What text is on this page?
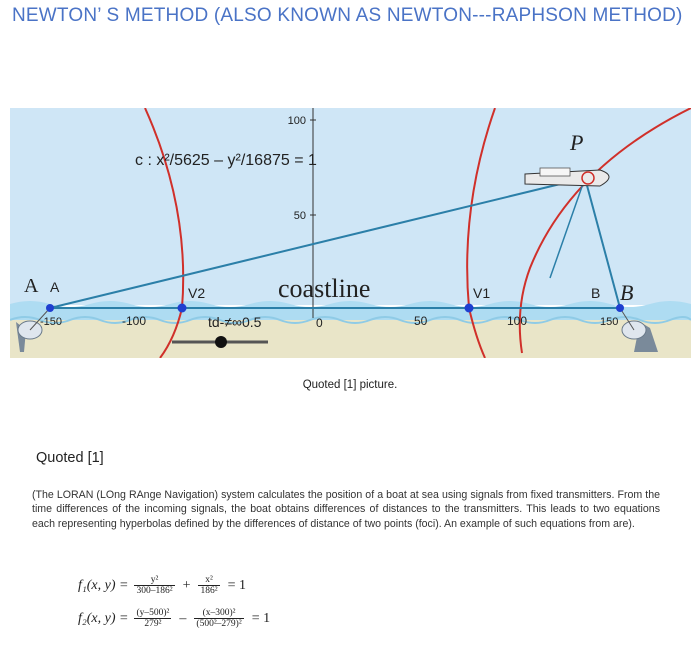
NEWTON’ S METHOD (ALSO KNOWN AS NEWTON---RAPHSON METHOD)
100
50
c : x²/5625 – y²/16875 = 1
A A	V2	V1	B B
P
coastline
-150	-100	0	50	100	150
td-≠∞0.5
Quoted [1] picture.
Quoted [1]
(The LORAN (LOng RAnge Navigation) system calculates the position of a boat at sea using signals from fixed transmitters. From the time differences of the incoming signals, the boat obtains differences of distances to the transmitters. This leads to two equations each representing hyperbolas defined by the differences of distance of two points (foci). An example of such equations from are).
f₁(x, $y) = \frac{\text{y²}}{\text{300–186²}} + \frac{\text{x²}}{\text{186²}} = 1$
f₂(x, $y) = \frac{\text{(y–500)²}}{\text{279²}} - \frac{\text{(x–300)²}}{\text{(500²–279)²}} = 1$
